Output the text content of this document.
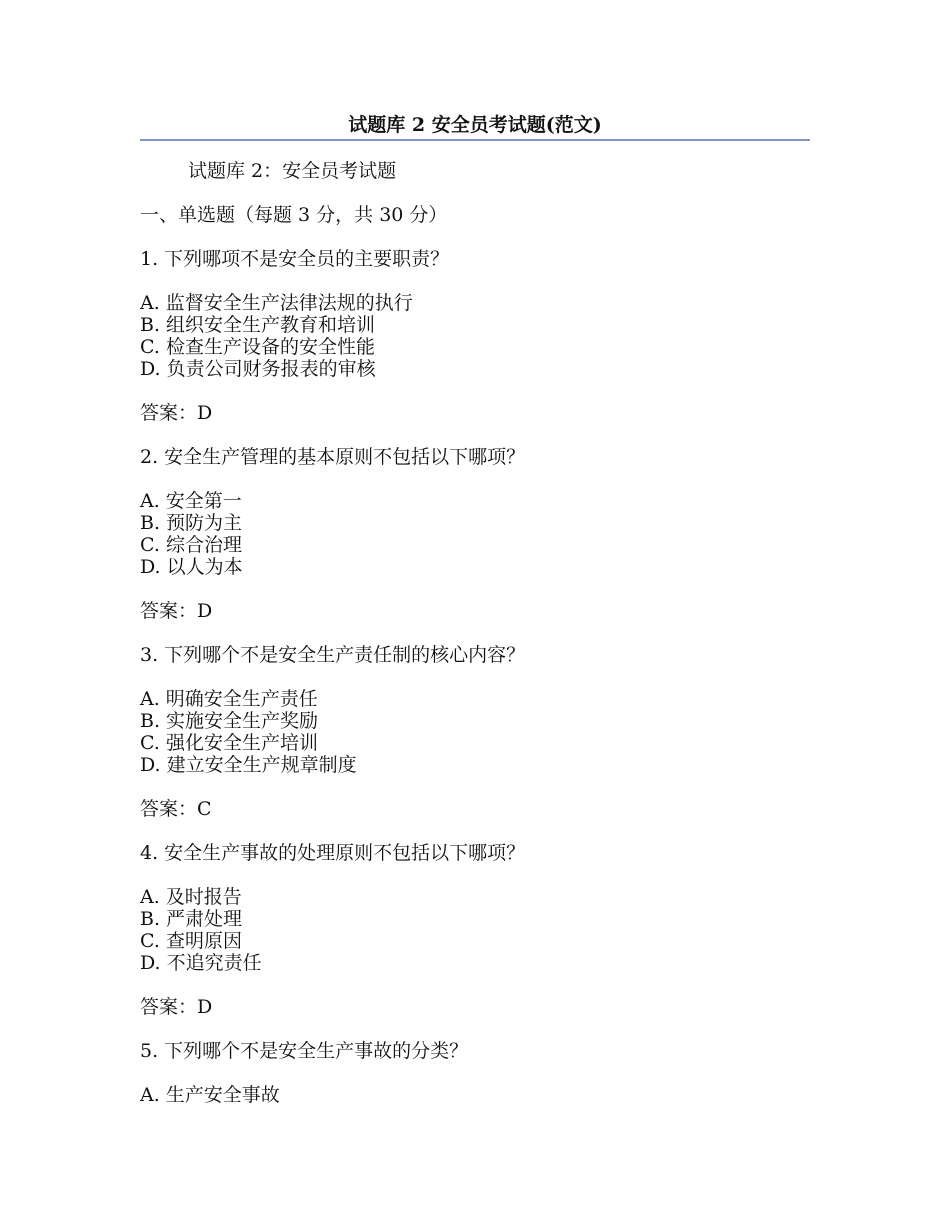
试题库 2 安全员考试题(范文)
试题库 2：安全员考试题
一、单选题（每题 3 分，共 30 分）
1. 下列哪项不是安全员的主要职责？
A. 监督安全生产法律法规的执行
B. 组织安全生产教育和培训
C. 检查生产设备的安全性能
D. 负责公司财务报表的审核
答案：D
2. 安全生产管理的基本原则不包括以下哪项？
A. 安全第一
B. 预防为主
C. 综合治理
D. 以人为本
答案：D
3. 下列哪个不是安全生产责任制的核心内容？
A. 明确安全生产责任
B. 实施安全生产奖励
C. 强化安全生产培训
D. 建立安全生产规章制度
答案：C
4. 安全生产事故的处理原则不包括以下哪项？
A. 及时报告
B. 严肃处理
C. 查明原因
D. 不追究责任
答案：D
5. 下列哪个不是安全生产事故的分类？
A. 生产安全事故
